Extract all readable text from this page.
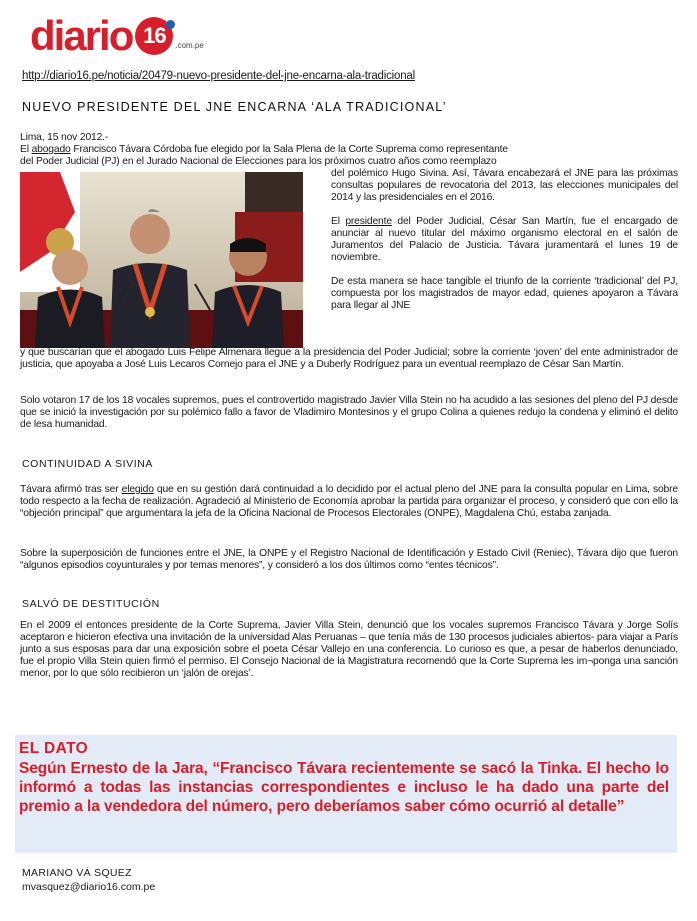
diario 16 .com.pe
http://diario16.pe/noticia/20479-nuevo-presidente-del-jne-encarna-ala-tradicional
NUEVO PRESIDENTE DEL JNE ENCARNA ‘ALA TRADICIONAL’

Lima, 15 nov 2012.-

El abogado Francisco Távara Córdoba fue elegido por la Sala Plena de la Corte Suprema como representante

del Poder Judicial (PJ) en el Jurado Nacional de Elecciones para los próximos cuatro años como reemplazo

del polémico Hugo Sivina. Así, Távara encabezará el JNE para las próximas consultas populares de revocatoria del 2013, las elecciones municipales del 2014 y las presidenciales en el 2016.

El presidente del Poder Judicial, César San Martín, fue el encargado de anunciar al nuevo titular del máximo organismo electoral en el salón de Juramentos del Palacio de Justicia. Távara juramentará el lunes 19 de noviembre.

De esta manera se hace tangible el triunfo de la corriente ‘tradicional’ del PJ, compuesta por los magistrados de mayor edad, quienes apoyaron a Távara para llegar al JNE

y que buscarían que el abogado Luis Felipe Almenara llegue a la presidencia del Poder Judicial; sobre la corriente ‘joven’ del ente administrador de justicia, que apoyaba a José Luis Lecaros Cornejo para el JNE y a Duberly Rodríguez para un eventual reemplazo de César San Martín.
Solo votaron 17 de los 18 vocales supremos, pues el controvertido magistrado Javier Villa Stein no ha acudido a las sesiones del pleno del PJ desde que se inició la investigación por su polémico fallo a favor de Vladimiro Montesinos y el grupo Colina a quienes redujo la condena y eliminó el delito de lesa humanidad.
CONTINUIDAD A SIVINA

Távara afirmó tras ser elegido que en su gestión dará continuidad a lo decidido por el actual pleno del JNE para la consulta popular en Lima, sobre todo respecto a la fecha de realización. Agradeció al Ministerio de Economía aprobar la partida para organizar el proceso, y consideró que con ello la “objeción principal” que argumentara la jefa de la Oficina Nacional de Procesos Electorales (ONPE), Magdalena Chú, estaba zanjada.

Sobre la superposición de funciones entre el JNE, la ONPE y el Registro Nacional de Identificación y Estado Civil (Reniec), Távara dijo que fueron “algunos episodios coyunturales y por temas menores”, y consideró a los dos últimos como “entes técnicos”.
SALVÓ DE DESTITUCIÓN
En el 2009 el entonces presidente de la Corte Suprema, Javier Villa Stein, denunció que los vocales supremos Francisco Távara y Jorge Solís aceptaron e hicieron efectiva una invitación de la universidad Alas Peruanas – que tenía más de 130 procesos judiciales abiertos- para viajar a París junto a sus esposas para dar una exposición sobre el poeta César Vallejo en una conferencia. Lo curioso es que, a pesar de haberlos denunciado, fue el propio Villa Stein quien firmó el permiso. El Consejo Nacional de la Magistratura recomendó que la Corte Suprema les im¬ponga una sanción menor, por lo que sólo recibieron un ‘jalón de orejas’.
EL DATO
Según Ernesto de la Jara, “Francisco Távara recientemente se sacó la Tinka. El hecho lo informó a todas las instancias correspondientes e incluso le ha dado una parte del premio a la vendedora del número, pero deberíamos saber cómo ocurrió al detalle”
MARIANO VÁ SQUEZ
mvasquez@diario16.com.pe
